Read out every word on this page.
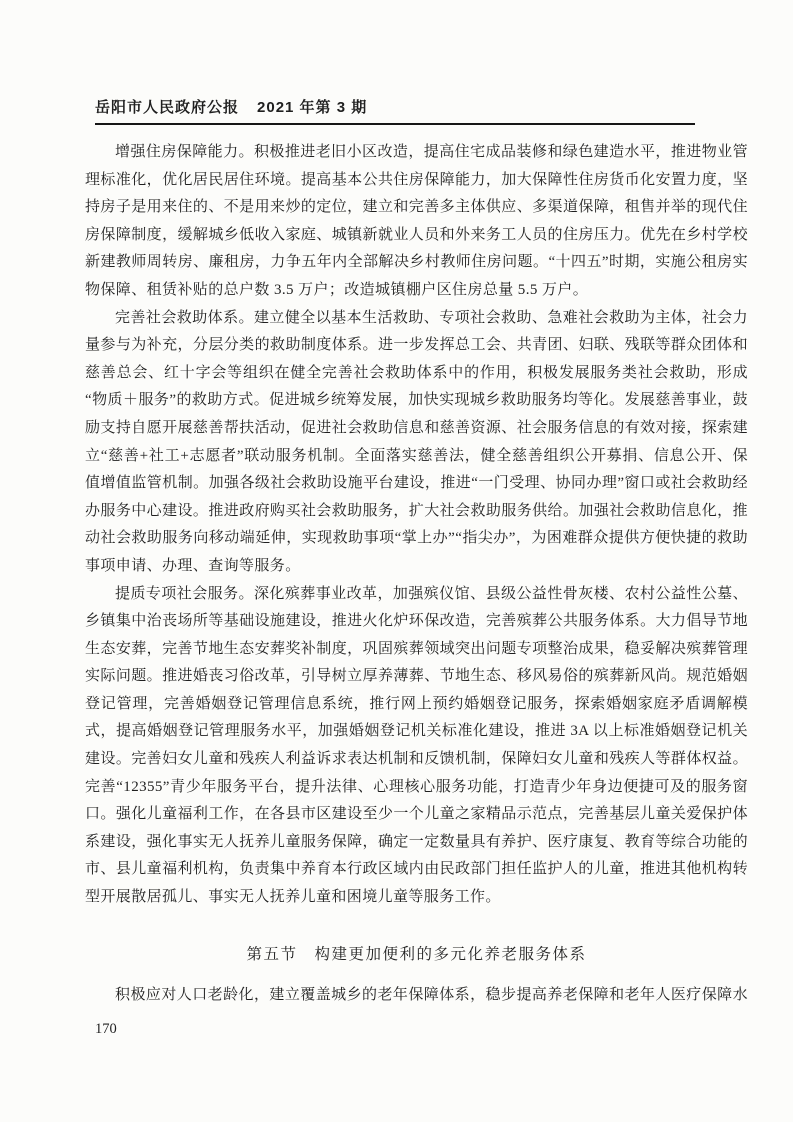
岳阳市人民政府公报 2021 年第 3 期

增强住房保障能力。积极推进老旧小区改造，提高住宅成品装修和绿色建造水平，推进物业管理标准化，优化居民居住环境。提高基本公共住房保障能力，加大保障性住房货币化安置力度，坚持房子是用来住的、不是用来炒的定位，建立和完善多主体供应、多渠道保障，租售并举的现代住房保障制度，缓解城乡低收入家庭、城镇新就业人员和外来务工人员的住房压力。优先在乡村学校新建教师周转房、廉租房，力争五年内全部解决乡村教师住房问题。“十四五”时期，实施公租房实物保障、租赁补贴的总户数 3.5 万户；改造城镇棚户区住房总量 5.5 万户。

完善社会救助体系。建立健全以基本生活救助、专项社会救助、急难社会救助为主体，社会力量参与为补充，分层分类的救助制度体系。进一步发挥总工会、共青团、妇联、残联等群众团体和慈善总会、红十字会等组织在健全完善社会救助体系中的作用，积极发展服务类社会救助，形成“物质＋服务”的救助方式。促进城乡统筹发展，加快实现城乡救助服务均等化。发展慈善事业，鼓励支持自愿开展慈善帮扶活动，促进社会救助信息和慈善资源、社会服务信息的有效对接，探索建立“慈善+社工+志愿者”联动服务机制。全面落实慈善法，健全慈善组织公开募捐、信息公开、保值增值监管机制。加强各级社会救助设施平台建设，推进“一门受理、协同办理”窗口或社会救助经办服务中心建设。推进政府购买社会救助服务，扩大社会救助服务供给。加强社会救助信息化，推动社会救助服务向移动端延伸，实现救助事项“掌上办”“指尖办”，为困难群众提供方便快捷的救助事项申请、办理、查询等服务。

提质专项社会服务。深化殡葬事业改革，加强殡仪馆、县级公益性骨灰楼、农村公益性公墓、乡镇集中治丧场所等基础设施建设，推进火化炉环保改造，完善殡葬公共服务体系。大力倡导节地生态安葬，完善节地生态安葬奖补制度，巩固殡葬领域突出问题专项整治成果，稳妥解决殡葬管理实际问题。推进婚丧习俗改革，引导树立厚养薄葬、节地生态、移风易俗的殡葬新风尚。规范婚姻登记管理，完善婚姻登记管理信息系统，推行网上预约婚姻登记服务，探索婚姻家庭矛盾调解模式，提高婚姻登记管理服务水平，加强婚姻登记机关标准化建设，推进 3A 以上标准婚姻登记机关建设。完善妇女儿童和残疾人利益诉求表达机制和反馈机制，保障妇女儿童和残疾人等群体权益。完善“12355”青少年服务平台，提升法律、心理核心服务功能，打造青少年身边便捷可及的服务窗口。强化儿童福利工作，在各县市区建设至少一个儿童之家精品示范点，完善基层儿童关爱保护体系建设，强化事实无人抚养儿童服务保障，确定一定数量具有养护、医疗康复、教育等综合功能的市、县儿童福利机构，负责集中养育本行政区域内由民政部门担任监护人的儿童，推进其他机构转型开展散居孤儿、事实无人抚养儿童和困境儿童等服务工作。

第五节　构建更加便利的多元化养老服务体系

积极应对人口老龄化，建立覆盖城乡的老年保障体系，稳步提高养老保障和老年人医疗保障水

170
